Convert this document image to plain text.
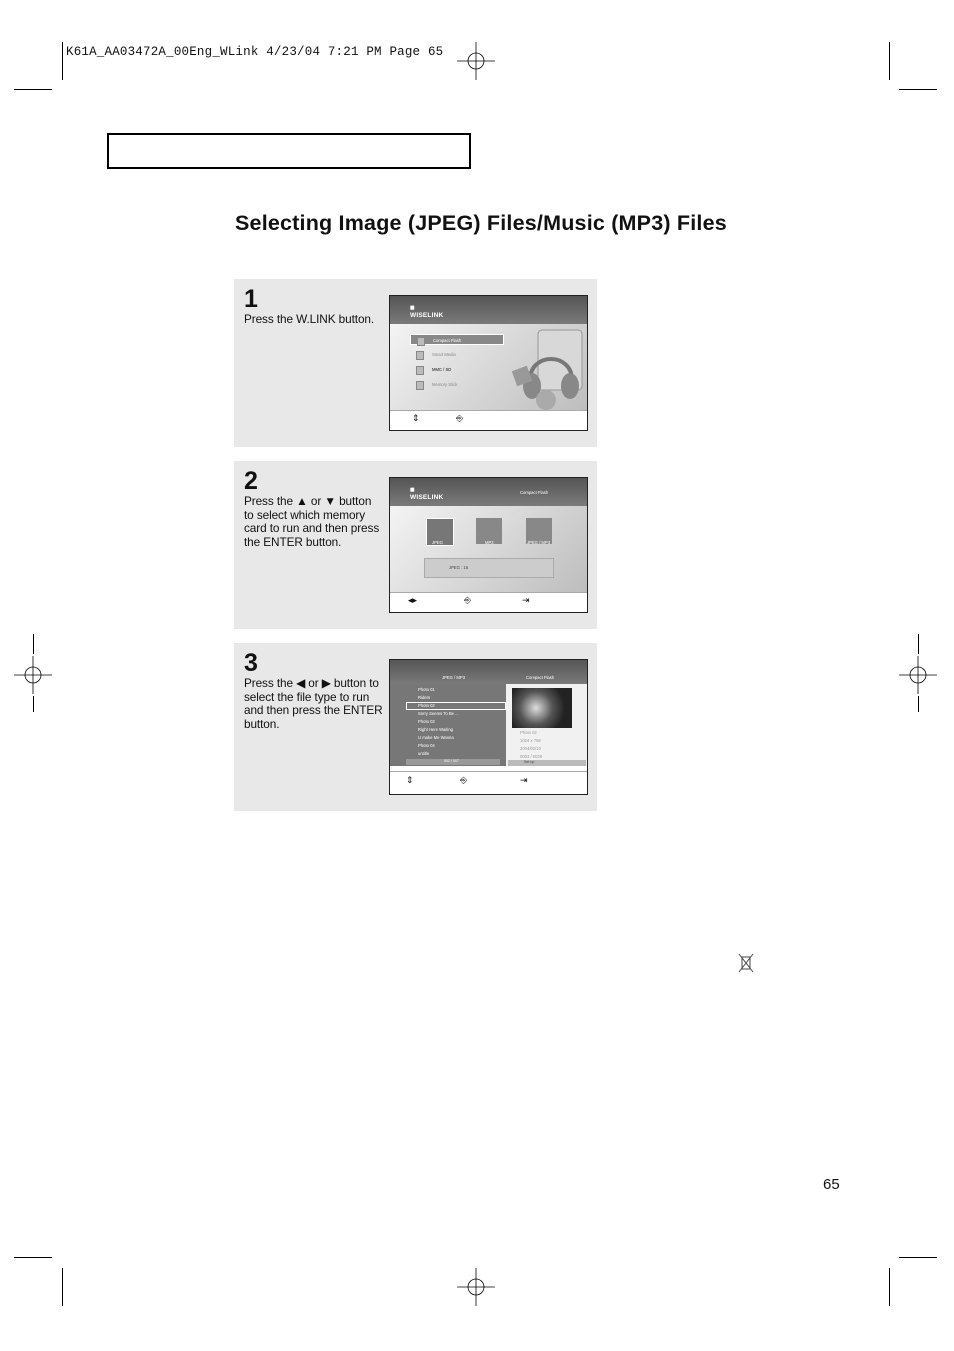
K61A_AA03472A_00Eng_WLink 4/23/04 7:21 PM Page 65
Selecting Image (JPEG) Files/Music (MP3) Files
1
Press the W.LINK button.
▮▮	WISELINK
Compact Flash
Smart Media
MMC / SD
Memory Stick
⇕	⎆
2
Press the ▲ or ▼ button to select which memory card to run and then press the ENTER button.
▮▮ WISELINK
Compact Flash
JPEG	MP3	JPEG / MP3
JPEG : 16
◂▸	⎆	⇥
3
Press the ◀ or ▶ button to select the file type to run and then press the ENTER button.
JPEG / MP3	Compact Flash
Photo 01
Riders
Photo 02
Sorry Seems To Be ...
Photo 03
Right Here Waiting
U make Me Wanna
Photo 04
untitle
002 / 007
Photo 02
1024 x 768
2004/02/10
0003 / 0026
Set up
⇕	⎆	⇥
65
